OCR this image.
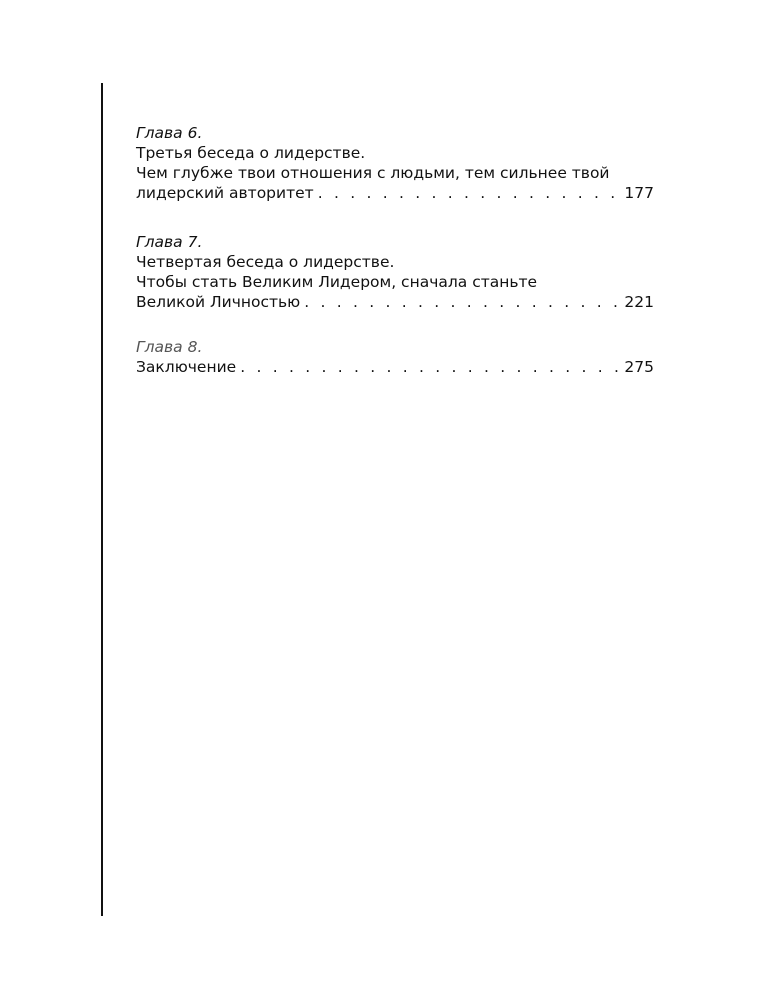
Глава 6.
Третья беседа о лидерстве.
Чем глубже твои отношения с людьми, тем сильнее твой
лидерский авторитет . . .	177
Глава 7.
Четвертая беседа о лидерстве.
Чтобы стать Великим Лидером, сначала станьте
Великой Личностью . . .	221
Глава 8.
Заключение . . .	275
